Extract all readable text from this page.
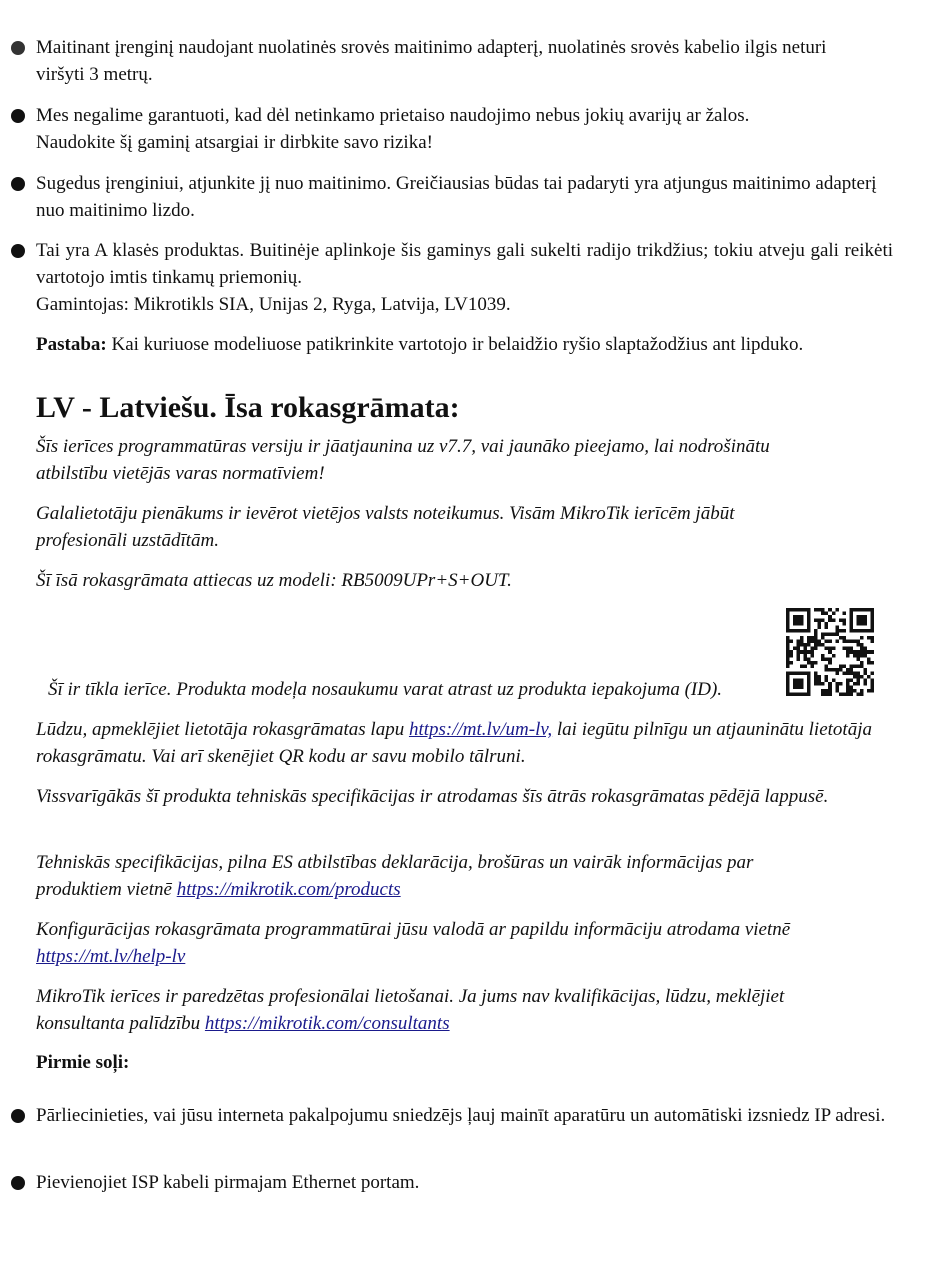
Maitinant įrenginį naudojant nuolatinės srovės maitinimo adapterį, nuolatinės srovės kabelio ilgis neturi viršyti 3 metrų.

Mes negalime garantuoti, kad dėl netinkamo prietaiso naudojimo nebus jokių avarijų ar žalos. Naudokite šį gaminį atsargiai ir dirbkite savo rizika!

Sugedus įrenginiui, atjunkite jį nuo maitinimo. Greičiausias būdas tai padaryti yra atjungus maitinimo adapterį nuo maitinimo lizdo.

Tai yra A klasės produktas. Buitinėje aplinkoje šis gaminys gali sukelti radijo trikdžius; tokiu atveju gali reikėti vartotojo imtis tinkamų priemonių.

Gamintojas: Mikrotikls SIA, Unijas 2, Ryga, Latvija, LV1039.

Pastaba: Kai kuriuose modeliuose patikrinkite vartotojo ir belaidžio ryšio slaptažodžius ant lipduko.

LV - Latviešu. Īsa rokasgrāmata:

Šīs ierīces programmatūras versiju ir jāatjaunina uz v7.7, vai jaunāko pieejamo, lai nodrošinātu atbilstību vietējās varas normatīviem!

Galalietotāju pienākums ir ievērot vietējos valsts noteikumus. Visām MikroTik ierīcēm jābūt profesionāli uzstādītām.

Šī īsā rokasgrāmata attiecas uz modeli: RB5009UPr+S+OUT.

Šī ir tīkla ierīce. Produkta modeļa nosaukumu varat atrast uz produkta iepakojuma (ID).

Lūdzu, apmeklējiet lietotāja rokasgrāmatas lapu https://mt.lv/um-lv, lai iegūtu pilnīgu un atjauninātu lietotāja rokasgrāmatu. Vai arī skenējiet QR kodu ar savu mobilo tālruni.

Vissvarīgākās šī produkta tehniskās specifikācijas ir atrodamas šīs ātrās rokasgrāmatas pēdējā lappusē.

Tehniskās specifikācijas, pilna ES atbilstības deklarācija, brošūras un vairāk informācijas par produktiem vietnē https://mikrotik.com/products

Konfigurācijas rokasgrāmata programmatūrai jūsu valodā ar papildu informāciju atrodama vietnē https://mt.lv/help-lv

MikroTik ierīces ir paredzētas profesionālai lietošanai. Ja jums nav kvalifikācijas, lūdzu, meklējiet konsultanta palīdzību https://mikrotik.com/consultants

Pirmie soļi:

Pārliecinieties, vai jūsu interneta pakalpojumu sniedzējs ļauj mainīt aparatūru un automātiski izsniedz IP adresi.

Pievienojiet ISP kabeli pirmajam Ethernet portam.
